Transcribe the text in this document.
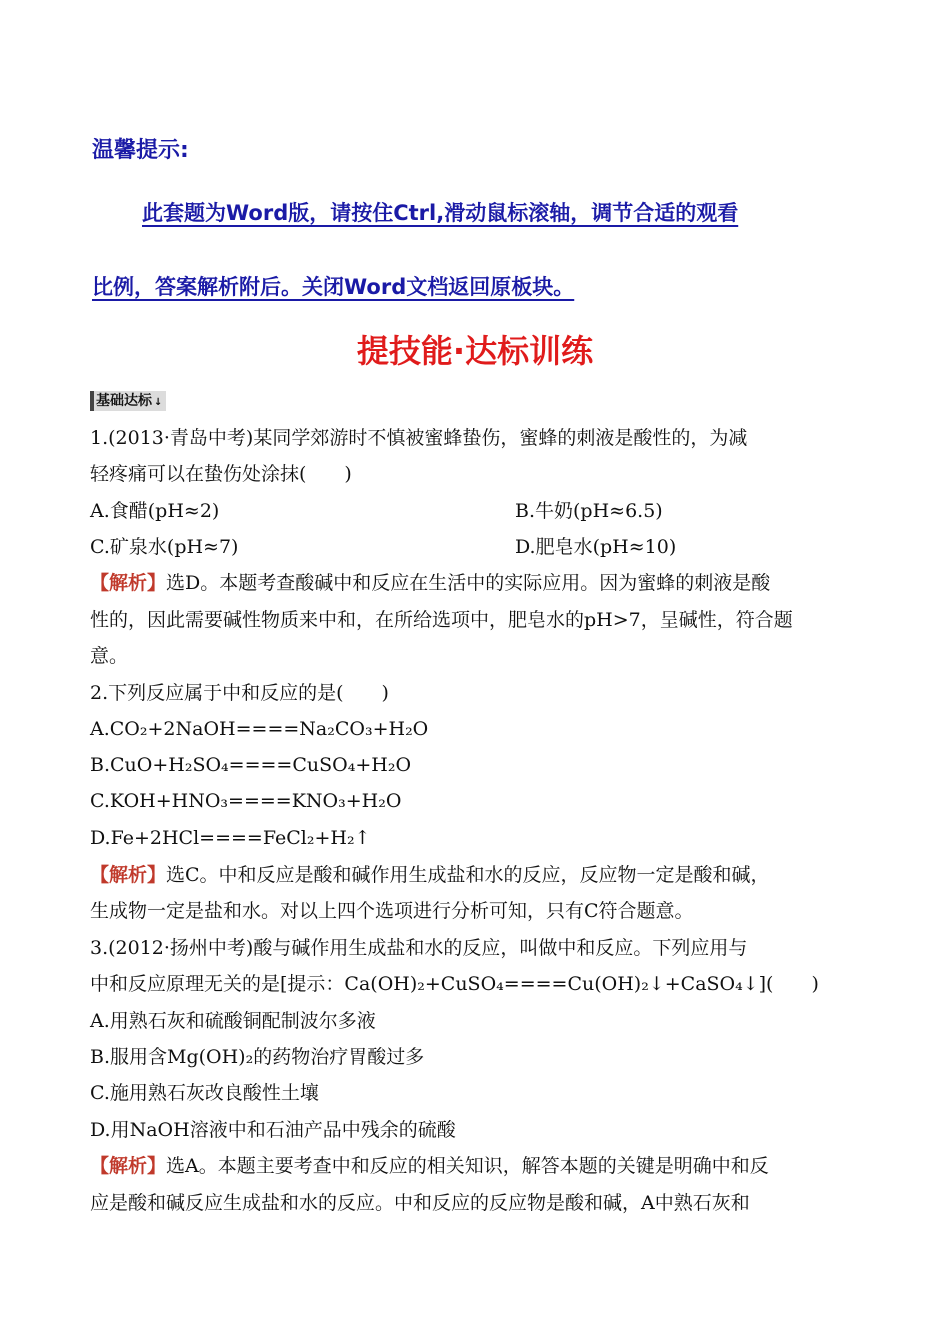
温馨提示:
此套题为Word版，请按住Ctrl,滑动鼠标滚轴，调节合适的观看
比例，答案解析附后。关闭Word文档返回原板块。
提技能·达标训练
基础达标 ↓
1.(2013·青岛中考)某同学郊游时不慎被蜜蜂蛰伤，蜜蜂的刺液是酸性的，为减
轻疼痛可以在蛰伤处涂抹(　　)
A.食醋(pH≈2)	B.牛奶(pH≈6.5)
C.矿泉水(pH≈7)	D.肥皂水(pH≈10)
【解析】选D。本题考查酸碱中和反应在生活中的实际应用。因为蜜蜂的刺液是酸
性的，因此需要碱性物质来中和，在所给选项中，肥皂水的pH>7，呈碱性，符合题
意。
2.下列反应属于中和反应的是(　　)
A.CO₂+2NaOH====Na₂CO₃+H₂O
B.CuO+H₂SO₄====CuSO₄+H₂O
C.KOH+HNO₃====KNO₃+H₂O
D.Fe+2HCl====FeCl₂+H₂↑
【解析】选C。中和反应是酸和碱作用生成盐和水的反应，反应物一定是酸和碱，
生成物一定是盐和水。对以上四个选项进行分析可知，只有C符合题意。
3.(2012·扬州中考)酸与碱作用生成盐和水的反应，叫做中和反应。下列应用与
中和反应原理无关的是[提示：Ca(OH)₂+CuSO₄====Cu(OH)₂↓+CaSO₄↓](　　)
A.用熟石灰和硫酸铜配制波尔多液
B.服用含Mg(OH)₂的药物治疗胃酸过多
C.施用熟石灰改良酸性土壤
D.用NaOH溶液中和石油产品中残余的硫酸
【解析】选A。本题主要考查中和反应的相关知识，解答本题的关键是明确中和反
应是酸和碱反应生成盐和水的反应。中和反应的反应物是酸和碱，A中熟石灰和
